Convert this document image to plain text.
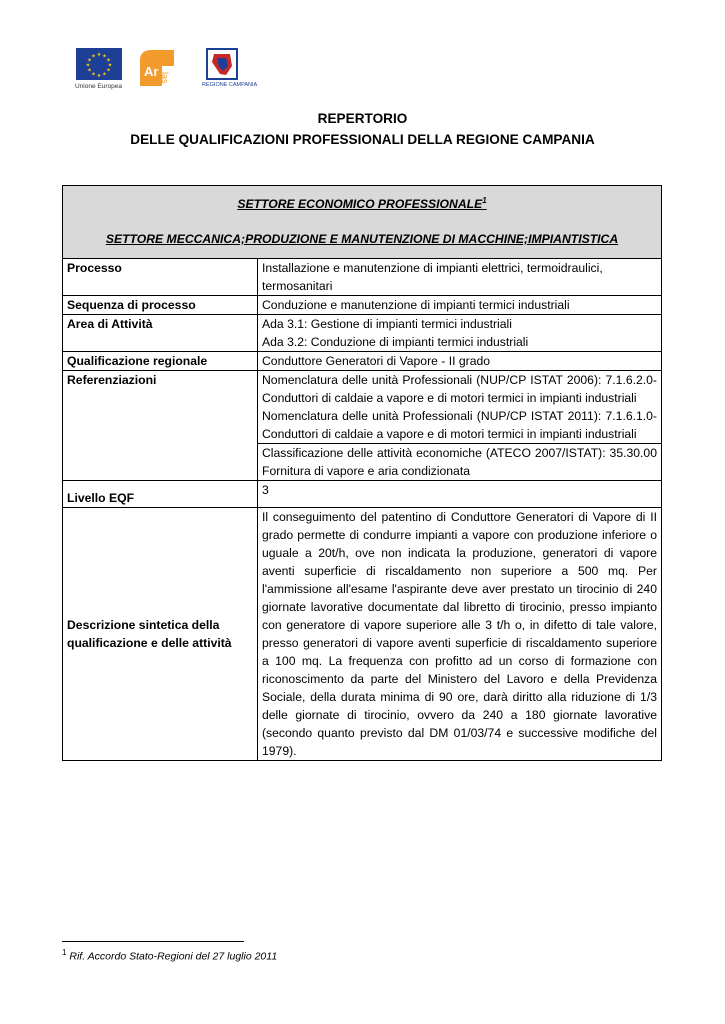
★ ★
★
★
★
★
★
★
★
★
★
★
Unione Europea
Ar las
REGIONE CAMPANIA
REPERTORIO
DELLE QUALIFICAZIONI PROFESSIONALI DELLA REGIONE CAMPANIA
SETTORE ECONOMICO PROFESSIONALE$^1$
SETTORE MECCANICA;PRODUZIONE E MANUTENZIONE DI MACCHINE;IMPIANTISTICA	
Processo	Installazione e manutenzione di impianti elettrici, termoidraulici, termosanitari
Sequenza di processo	Conduzione e manutenzione di impianti termici industriali
Area di Attività	Ada 3.1: Gestione di impianti termici industriali
Ada 3.2: Conduzione di impianti termici industriali

Qualificazione regionale	Conduttore Generatori di Vapore - II grado
Referenziazioni	Nomenclatura delle unità Professionali (NUP/CP ISTAT 2006): 7.1.6.2.0- Conduttori di caldaie a vapore e di motori termici in impianti industriali
Nomenclatura delle unità Professionali (NUP/CP ISTAT 2011): 7.1.6.1.0- Conduttori di caldaie a vapore e di motori termici in impianti industriali

	Classificazione delle attività economiche (ATECO 2007/ISTAT): 35.30.00 Fornitura di vapore e aria condizionata
Livello EQF	3
Descrizione sintetica della qualificazione e delle attività	Il conseguimento del patentino di Conduttore Generatori di Vapore di II grado permette di condurre impianti a vapore con produzione inferiore o uguale a 20t/h, ove non indicata la produzione, generatori di vapore aventi superficie di riscaldamento non superiore a 500 mq. Per l'ammissione all'esame l'aspirante deve aver prestato un tirocinio di 240 giornate lavorative documentate dal libretto di tirocinio, presso impianto con generatore di vapore superiore alle 3 t/h o, in difetto di tale valore, presso generatori di vapore aventi superficie di riscaldamento superiore a 100 mq. La frequenza con profitto ad un corso di formazione con riconoscimento da parte del Ministero del Lavoro e della Previdenza Sociale, della durata minima di 90 ore, darà diritto alla riduzione di 1/3 delle giornate di tirocinio, ovvero da 240 a 180 giornate lavorative (secondo quanto previsto dal DM 01/03/74 e successive modifiche del 1979).
$^1$ Rif. Accordo Stato-Regioni del 27 luglio 2011
